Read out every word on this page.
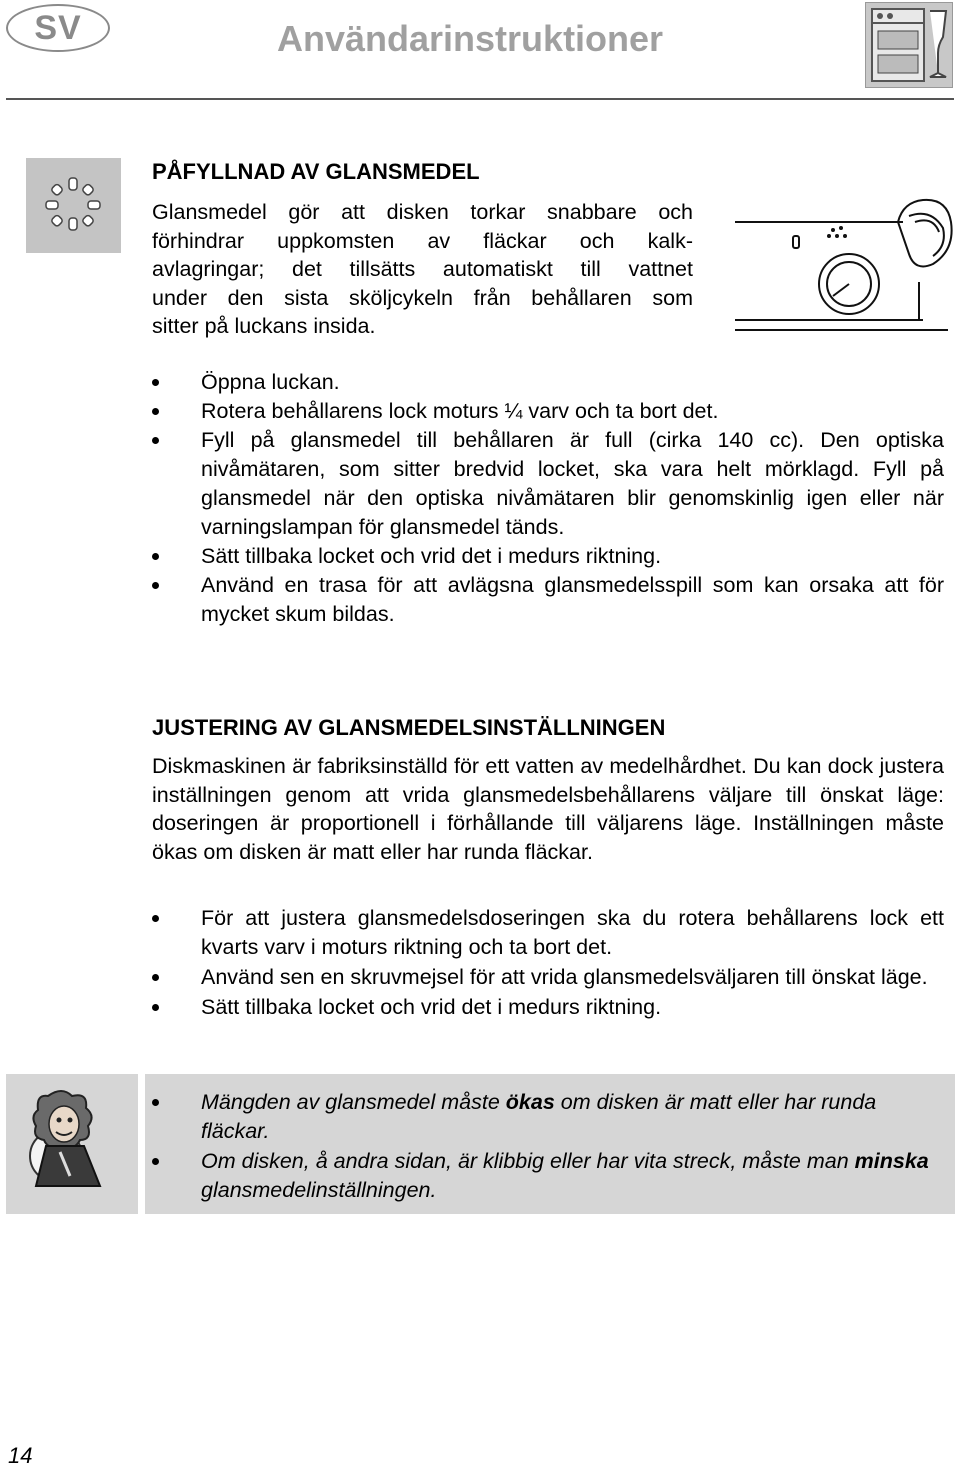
SV	Användarinstruktioner
PÅFYLLNAD AV GLANSMEDEL
Glansmedel gör att disken torkar snabbare och
förhindrar uppkomsten av fläckar och kalk-
avlagringar; det tillsätts automatiskt till vattnet
under den sista sköljcykeln från behållaren som
sitter på luckans insida.
Öppna luckan.
Rotera behållarens lock moturs ¼ varv och ta bort det.
Fyll på glansmedel till behållaren är full (cirka 140 cc). Den optiska nivåmätaren, som sitter bredvid locket, ska vara helt mörklagd. Fyll på glansmedel när den optiska nivåmätaren blir genomskinlig igen eller när varningslampan för glansmedel tänds.
Sätt tillbaka locket och vrid det i medurs riktning.
Använd en trasa för att avlägsna glansmedelsspill som kan orsaka att för mycket skum bildas.
JUSTERING AV GLANSMEDELSINSTÄLLNINGEN
Diskmaskinen är fabriksinställd för ett vatten av medelhårdhet. Du kan dock justera inställningen genom att vrida glansmedelsbehållarens väljare till önskat läge: doseringen är proportionell i förhållande till väljarens läge. Inställningen måste ökas om disken är matt eller har runda fläckar.
För att justera glansmedelsdoseringen ska du rotera behållarens lock ett kvarts varv i moturs riktning och ta bort det.
Använd sen en skruvmejsel för att vrida glansmedelsväljaren till önskat läge.
Sätt tillbaka locket och vrid det i medurs riktning.
Mängden av glansmedel måste ökas om disken är matt eller har runda fläckar.
Om disken, å andra sidan, är klibbig eller har vita streck, måste man minska glansmedelinställningen.
14
